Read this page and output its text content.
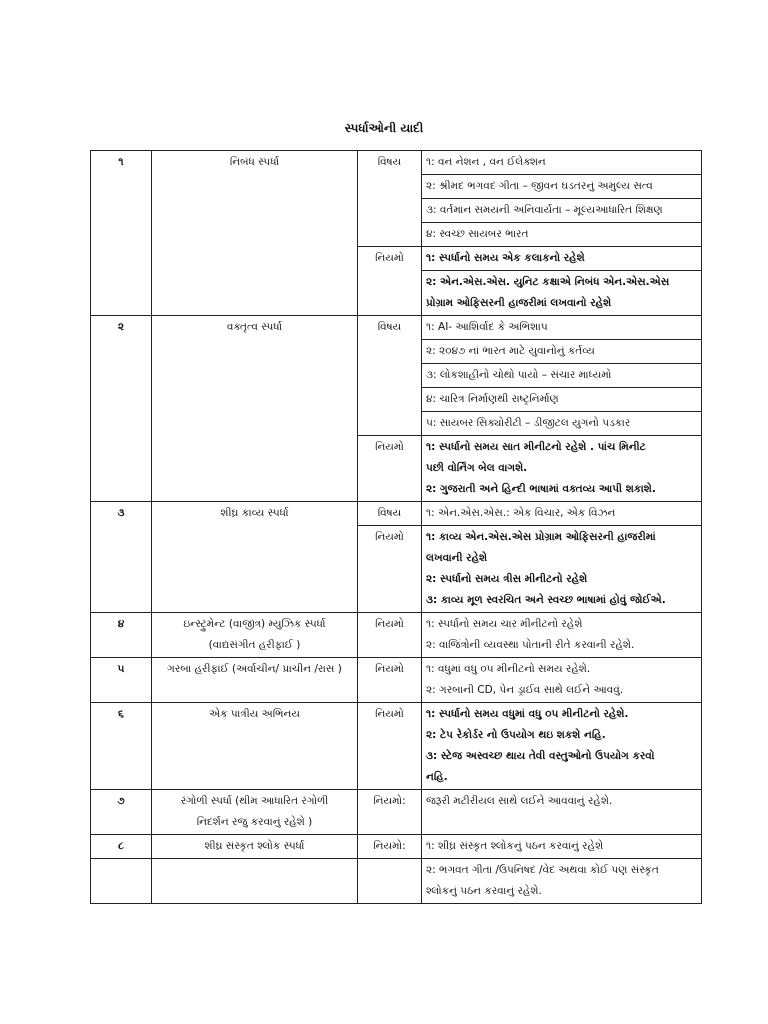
સ્પર્ધાઓની યાદી
૧	નિબંધ સ્પર્ધા	વિષય	૧: વન નેશન , વન ઈલેક્શન

			૨: શ્રીમદ ભગવદ ગીતા – જીવન ઘડતરનું અમુલ્ય સત્વ

			૩: વર્તમાન સમયની અનિવાર્યતા – મૂલ્યઆધારિત શિક્ષણ

			૪: સ્વચ્છ સાયબર ભારત

		નિયમો	૧: સ્પર્ધાનો સમય એક કલાકનો રહેશે

			૨: એન.એસ.એસ. યુનિટ કક્ષાએ નિબંધ એન.એસ.એસ
પ્રોગ્રામ ઓફિસરની હાજરીમાં લખવાનો રહેશે

૨	વક્તૃત્વ સ્પર્ધા	વિષય	૧: AI- આશિર્વાદ કે અભિશાપ

			૨: ૨૦૪૭ નાં ભારત માટે યુવાનોનું કર્તવ્ય

			૩: લોકશાહીનો ચોથો પાયો – સંચાર માધ્યમો

			૪: ચારિત્ર નિર્માણથી રાષ્ટ્રનિર્માણ

			૫: સાયબર સિક્યોરીટી – ડીજીટલ યુગનો પડકાર

		નિયમો	૧: સ્પર્ધાનો સમય સાત મીનીટનો રહેશે . પાંચ મિનીટ
પછી વોર્નિંગ બેલ વાગશે.
૨: ગુજરાતી અને હિન્દી ભાષામાં વક્તવ્ય આપી શકાશે.

૩	શીઘ્ર કાવ્ય સ્પર્ધા	વિષય	૧: એન.એસ.એસ.: એક વિચાર, એક વિઝન

		નિયમો	૧: કાવ્ય એન.એસ.એસ પ્રોગ્રામ ઓફિસરની હાજરીમાં
લખવાની રહેશે
૨: સ્પર્ધાનો સમય ત્રીસ મીનીટનો રહેશે
૩: કાવ્ય મૂળ સ્વરચિત અને સ્વચ્છ ભાષામાં હોવું જોઈએ.

૪	ઇન્સ્ટ્રુમેન્ટ (વાજીંત્ર) મ્યુઝિક સ્પર્ધા
(વાદ્યસંગીત હરીફાઈ )	નિયમો	૧: સ્પર્ધાનો સમય ચાર મીનીટનો રહેશે
૨: વાજિંત્રોની વ્યવસ્થા પોતાની રીતે કરવાની રહેશે.

૫	ગરબા હરીફાઈ (અર્વાચીન/ પ્રાચીન /રાસ )	નિયમો	૧: વધુમાં વધુ ૦૫ મીનીટનો સમય રહેશે.
૨: ગરબાની CD, પેન ડ્રાઈવ સાથે લઈને આવવું.

૬	એક પાત્રીય અભિનય	નિયમો	૧: સ્પર્ધાનો સમય વધુમાં વધુ ૦૫ મીનીટનો રહેશે.
૨: ટેપ રેકોર્ડર નો ઉપયોગ થઇ શકશે નહિ.
૩: સ્ટેજ અસ્વચ્છ થાય તેવી વસ્તુઓનો ઉપયોગ કરવો
નહિ.

૭	રંગોળી સ્પર્ધા (થીમ આધારિત રંગોળી
નિદર્શન રજુ કરવાનું રહેશે )	નિયમો:	જરૂરી મટીરીયલ સાથે લઈને આવવાનું રહેશે.

૮	શીઘ્ર સંસ્કૃત શ્લોક સ્પર્ધા	નિયમો:	૧: શીઘ્ર સંસ્કૃત શ્લોકનું પઠન કરવાનું રહેશે

			૨: ભગવત ગીતા /ઉપનિષદ /વેદ અથવા કોઈ પણ સંસ્કૃત
શ્લોકનું પઠન કરવાનું રહેશે.
